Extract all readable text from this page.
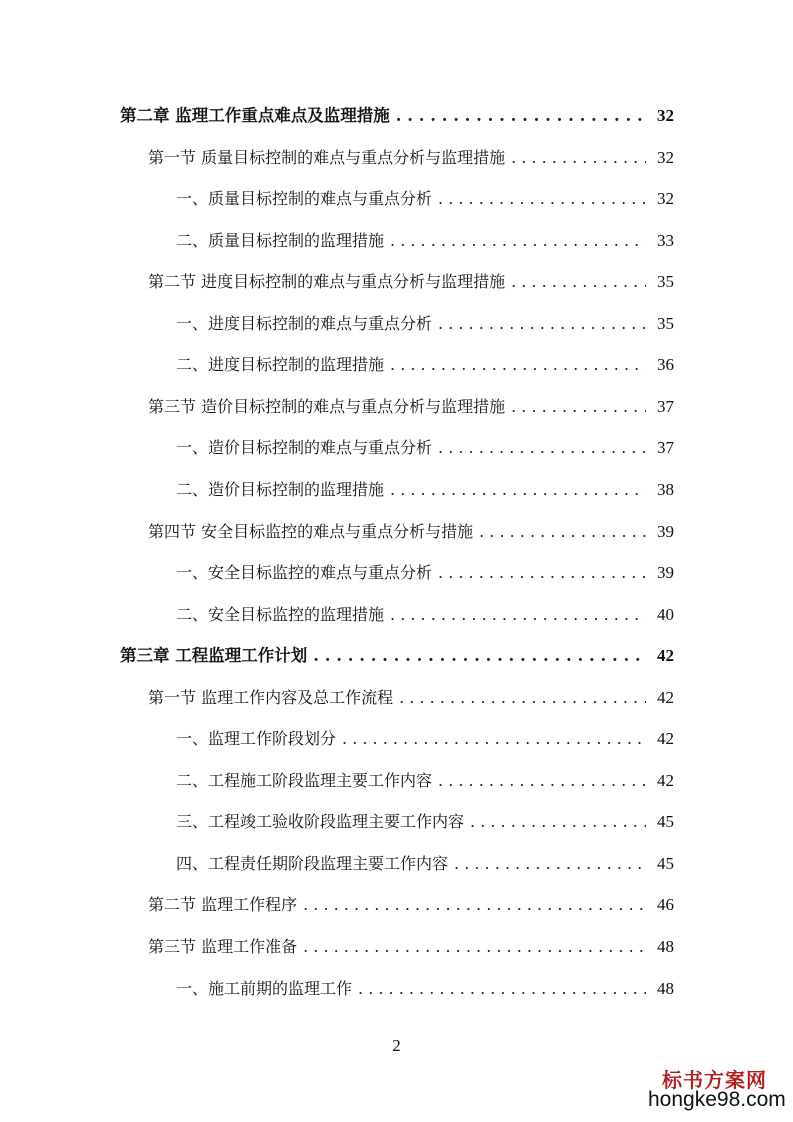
第二章 监理工作重点难点及监理措施 . . .	32
第一节 质量目标控制的难点与重点分析与监理措施 . . .	32
一、质量目标控制的难点与重点分析 . . .	32
二、质量目标控制的监理措施 . . .	33
第二节 进度目标控制的难点与重点分析与监理措施 . . .	35
一、进度目标控制的难点与重点分析 . . .	35
二、进度目标控制的监理措施 . . .	36
第三节 造价目标控制的难点与重点分析与监理措施 . . .	37
一、造价目标控制的难点与重点分析 . . .	37
二、造价目标控制的监理措施 . . .	38
第四节 安全目标监控的难点与重点分析与措施 . . .	39
一、安全目标监控的难点与重点分析 . . .	39
二、安全目标监控的监理措施 . . .	40
第三章 工程监理工作计划 . . .	42
第一节 监理工作内容及总工作流程 . . .	42
一、监理工作阶段划分 . . .	42
二、工程施工阶段监理主要工作内容 . . .	42
三、工程竣工验收阶段监理主要工作内容 . . .	45
四、工程责任期阶段监理主要工作内容 . . .	45
第二节 监理工作程序 . . .	46
第三节 监理工作准备 . . .	48
一、施工前期的监理工作 . . .	48
2
标书方案网
hongke98.com
